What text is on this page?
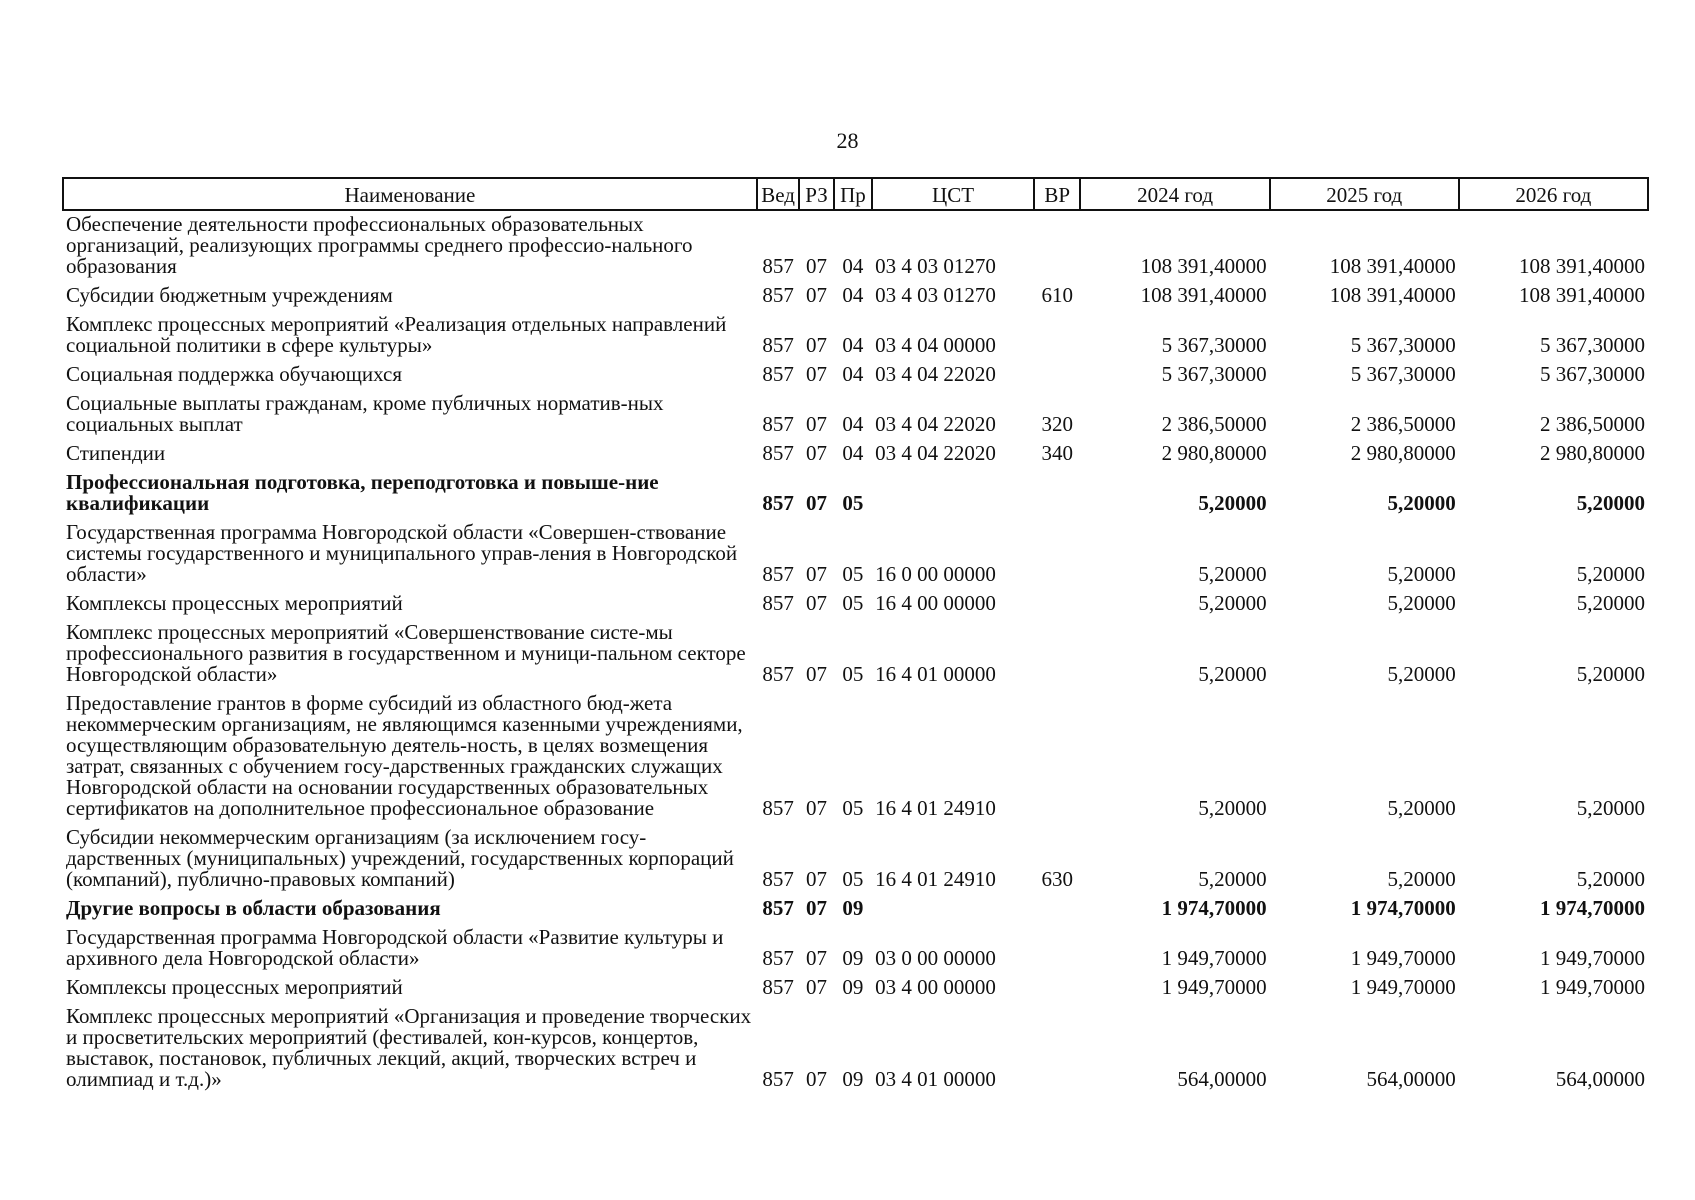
28
Наименование	Вед	РЗ	Пр	ЦСТ	ВР	2024 год	2025 год	2026 год
Обеспечение деятельности профессиональных образовательных организаций, реализующих программы среднего профессио-нального образования	857	07	04	03 4 03 01270		108 391,40000	108 391,40000	108 391,40000
Субсидии бюджетным учреждениям	857	07	04	03 4 03 01270	610	108 391,40000	108 391,40000	108 391,40000
Комплекс процессных мероприятий «Реализация отдельных направлений социальной политики в сфере культуры»	857	07	04	03 4 04 00000		5 367,30000	5 367,30000	5 367,30000
Социальная поддержка обучающихся	857	07	04	03 4 04 22020		5 367,30000	5 367,30000	5 367,30000
Социальные выплаты гражданам, кроме публичных норматив-ных социальных выплат	857	07	04	03 4 04 22020	320	2 386,50000	2 386,50000	2 386,50000
Стипендии	857	07	04	03 4 04 22020	340	2 980,80000	2 980,80000	2 980,80000
Профессиональная подготовка, переподготовка и повыше-ние квалификации	857	07	05			5,20000	5,20000	5,20000
Государственная программа Новгородской области «Совершен-ствование системы государственного и муниципального управ-ления в Новгородской области»	857	07	05	16 0 00 00000		5,20000	5,20000	5,20000
Комплексы процессных мероприятий	857	07	05	16 4 00 00000		5,20000	5,20000	5,20000
Комплекс процессных мероприятий «Совершенствование систе-мы профессионального развития в государственном и муници-пальном секторе Новгородской области»	857	07	05	16 4 01 00000		5,20000	5,20000	5,20000
Предоставление грантов в форме субсидий из областного бюд-жета некоммерческим организациям, не являющимся казенными учреждениями, осуществляющим образовательную деятель-ность, в целях возмещения затрат, связанных с обучением госу-дарственных гражданских служащих Новгородской области на основании государственных образовательных сертификатов на дополнительное профессиональное образование	857	07	05	16 4 01 24910		5,20000	5,20000	5,20000
Субсидии некоммерческим организациям (за исключением госу-дарственных (муниципальных) учреждений, государственных корпораций (компаний), публично-правовых компаний)	857	07	05	16 4 01 24910	630	5,20000	5,20000	5,20000
Другие вопросы в области образования	857	07	09			1 974,70000	1 974,70000	1 974,70000
Государственная программа Новгородской области «Развитие культуры и архивного дела Новгородской области»	857	07	09	03 0 00 00000		1 949,70000	1 949,70000	1 949,70000
Комплексы процессных мероприятий	857	07	09	03 4 00 00000		1 949,70000	1 949,70000	1 949,70000
Комплекс процессных мероприятий «Организация и проведение творческих и просветительских мероприятий (фестивалей, кон-курсов, концертов, выставок, постановок, публичных лекций, акций, творческих встреч и олимпиад и т.д.)»	857	07	09	03 4 01 00000		564,00000	564,00000	564,00000
